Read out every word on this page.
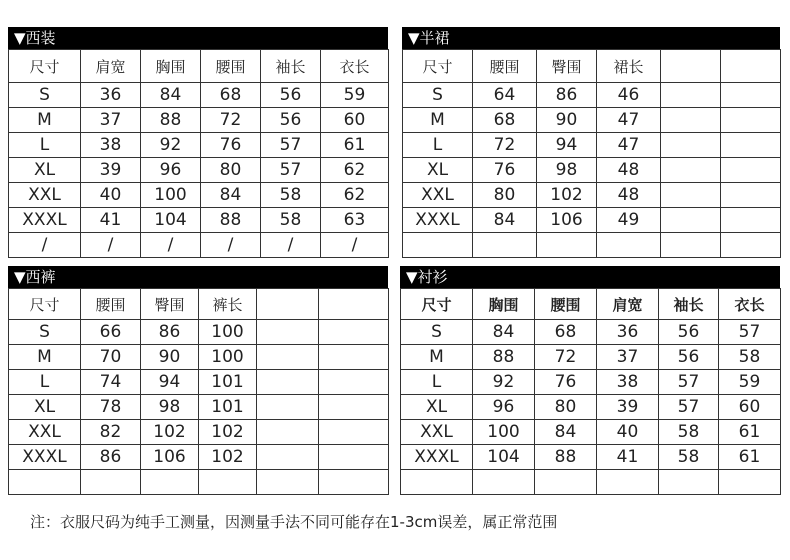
▼西装
尺寸	肩宽	胸围	腰围	袖长	衣长
S	36	84	68	56	59
M	37	88	72	56	60
L	38	92	76	57	61
XL	39	96	80	57	62
XXL	40	100	84	58	62
XXXL	41	104	88	58	63
/	/	/	/	/	/
▼半裙
尺寸	腰围	臀围	裙长		
S	64	86	46		
M	68	90	47		
L	72	94	47		
XL	76	98	48		
XXL	80	102	48		
XXXL	84	106	49		

▼西裤
尺寸	腰围	臀围	裤长		
S	66	86	100		
M	70	90	100		
L	74	94	101		
XL	78	98	101		
XXL	82	102	102		
XXXL	86	106	102		

▼衬衫
尺寸	胸围	腰围	肩宽	袖长	衣长
S	84	68	36	56	57
M	88	72	37	56	58
L	92	76	38	57	59
XL	96	80	39	57	60
XXL	100	84	40	58	61
XXXL	104	88	41	58	61

注：衣服尺码为纯手工测量，因测量手法不同可能存在1-3cm误差，属正常范围
